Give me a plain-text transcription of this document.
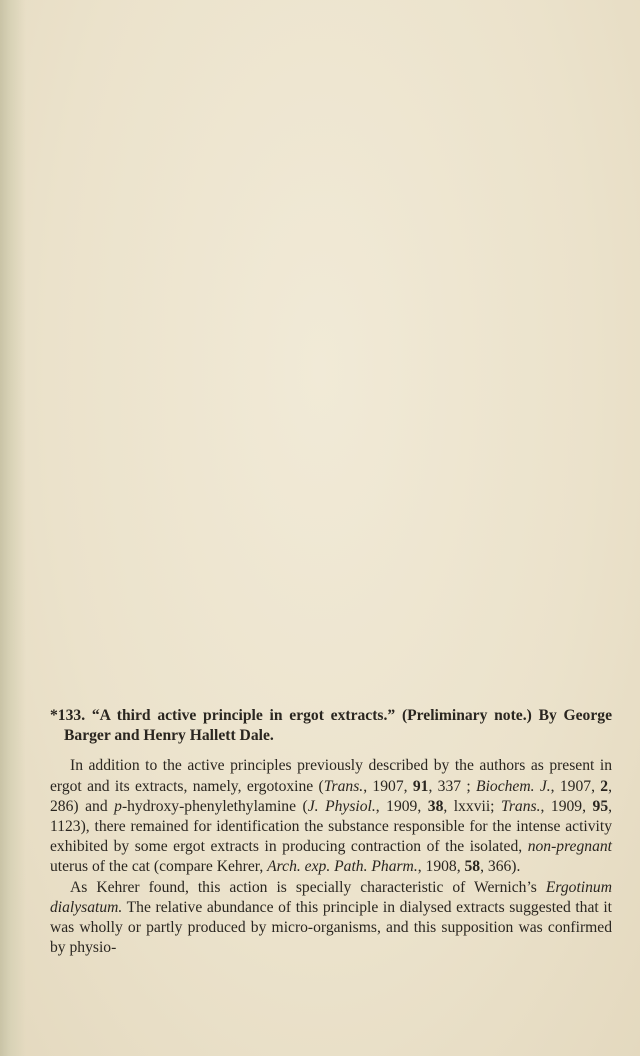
*133. “A third active principle in ergot extracts.” (Preliminary note.) By George Barger and Henry Hallett Dale.

In addition to the active principles previously described by the authors as present in ergot and its extracts, namely, ergotoxine (Trans., 1907, 91, 337 ; Biochem. J., 1907, 2, 286) and p-hydroxy-phenylethylamine (J. Physiol., 1909, 38, lxxvii; Trans., 1909, 95, 1123), there remained for identification the substance responsible for the intense activity exhibited by some ergot extracts in producing contraction of the isolated, non-pregnant uterus of the cat (compare Kehrer, Arch. exp. Path. Pharm., 1908, 58, 366).

As Kehrer found, this action is specially characteristic of Wernich’s Ergotinum dialysatum. The relative abundance of this principle in dialysed extracts suggested that it was wholly or partly produced by micro-organisms, and this supposition was confirmed by physio-
